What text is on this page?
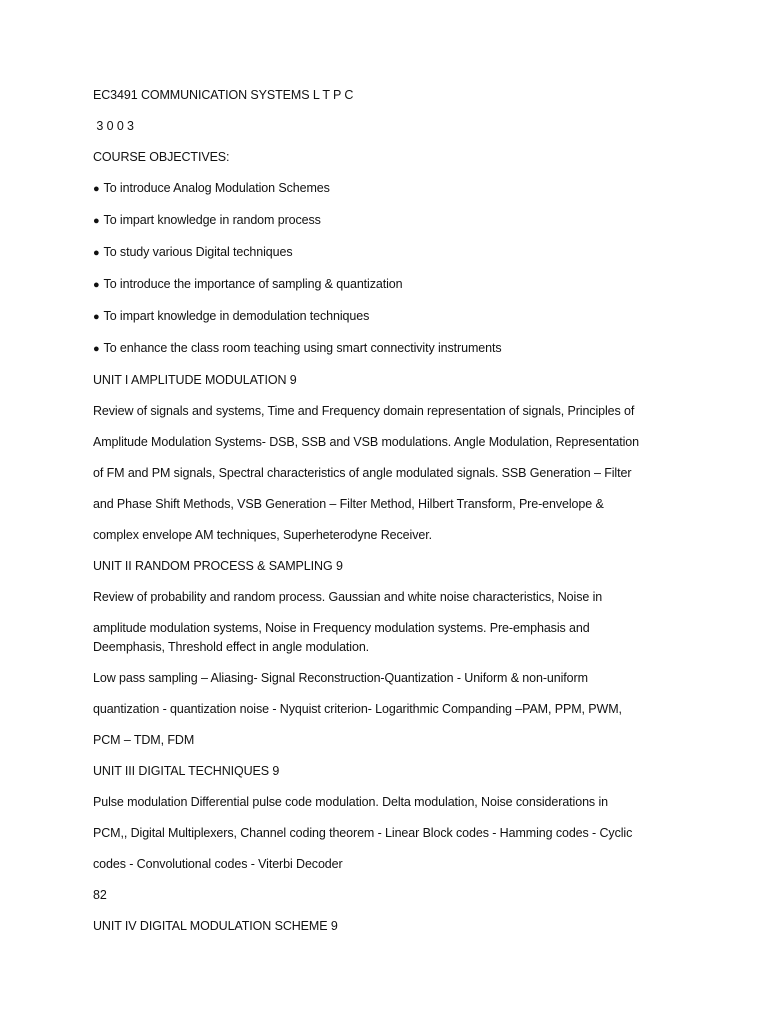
EC3491 COMMUNICATION SYSTEMS L T P C
3 0 0 3
COURSE OBJECTIVES:
● To introduce Analog Modulation Schemes
● To impart knowledge in random process
● To study various Digital techniques
● To introduce the importance of sampling & quantization
● To impart knowledge in demodulation techniques
● To enhance the class room teaching using smart connectivity instruments
UNIT I AMPLITUDE MODULATION 9
Review of signals and systems, Time and Frequency domain representation of signals, Principles of
Amplitude Modulation Systems- DSB, SSB and VSB modulations. Angle Modulation, Representation
of FM and PM signals, Spectral characteristics of angle modulated signals. SSB Generation – Filter
and Phase Shift Methods, VSB Generation – Filter Method, Hilbert Transform, Pre-envelope &
complex envelope AM techniques, Superheterodyne Receiver.
UNIT II RANDOM PROCESS & SAMPLING 9
Review of probability and random process. Gaussian and white noise characteristics, Noise in
amplitude modulation systems, Noise in Frequency modulation systems. Pre-emphasis and
Deemphasis, Threshold effect in angle modulation.
Low pass sampling – Aliasing- Signal Reconstruction-Quantization - Uniform & non-uniform
quantization - quantization noise - Nyquist criterion- Logarithmic Companding –PAM, PPM, PWM,
PCM – TDM, FDM
UNIT III DIGITAL TECHNIQUES 9
Pulse modulation Differential pulse code modulation. Delta modulation, Noise considerations in
PCM,, Digital Multiplexers, Channel coding theorem - Linear Block codes - Hamming codes - Cyclic
codes - Convolutional codes - Viterbi Decoder
82
UNIT IV DIGITAL MODULATION SCHEME 9
